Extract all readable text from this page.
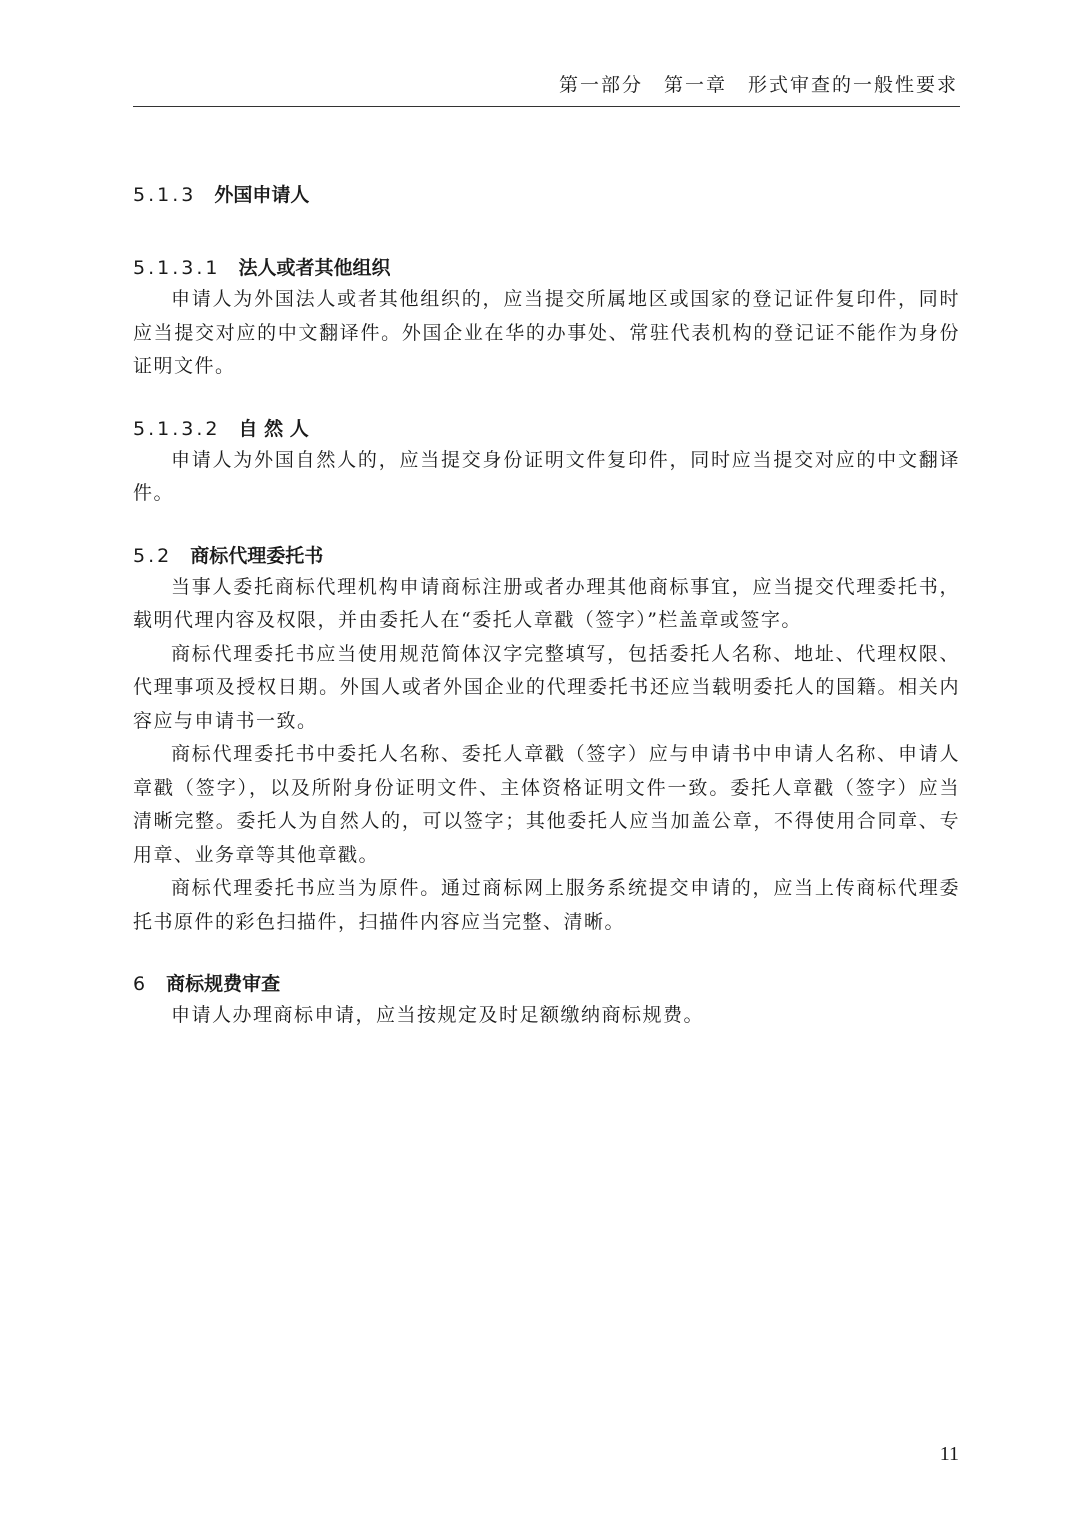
第一部分　第一章　形式审查的一般性要求
5.1.3 外国申请人
5.1.3.1 法人或者其他组织

申请人为外国法人或者其他组织的，应当提交所属地区或国家的登记证件复印件，同时应当提交对应的中文翻译件。外国企业在华的办事处、常驻代表机构的登记证不能作为身份证明文件。

5.1.3.2 自 然 人

申请人为外国自然人的，应当提交身份证明文件复印件，同时应当提交对应的中文翻译件。

5.2 商标代理委托书

当事人委托商标代理机构申请商标注册或者办理其他商标事宜，应当提交代理委托书，载明代理内容及权限，并由委托人在“委托人章戳（签字）”栏盖章或签字。

商标代理委托书应当使用规范简体汉字完整填写，包括委托人名称、地址、代理权限、代理事项及授权日期。外国人或者外国企业的代理委托书还应当载明委托人的国籍。相关内容应与申请书一致。

商标代理委托书中委托人名称、委托人章戳（签字）应与申请书中申请人名称、申请人章戳（签字），以及所附身份证明文件、主体资格证明文件一致。委托人章戳（签字）应当清晰完整。委托人为自然人的，可以签字；其他委托人应当加盖公章，不得使用合同章、专用章、业务章等其他章戳。

商标代理委托书应当为原件。通过商标网上服务系统提交申请的，应当上传商标代理委托书原件的彩色扫描件，扫描件内容应当完整、清晰。

6 商标规费审查

申请人办理商标申请，应当按规定及时足额缴纳商标规费。

11
